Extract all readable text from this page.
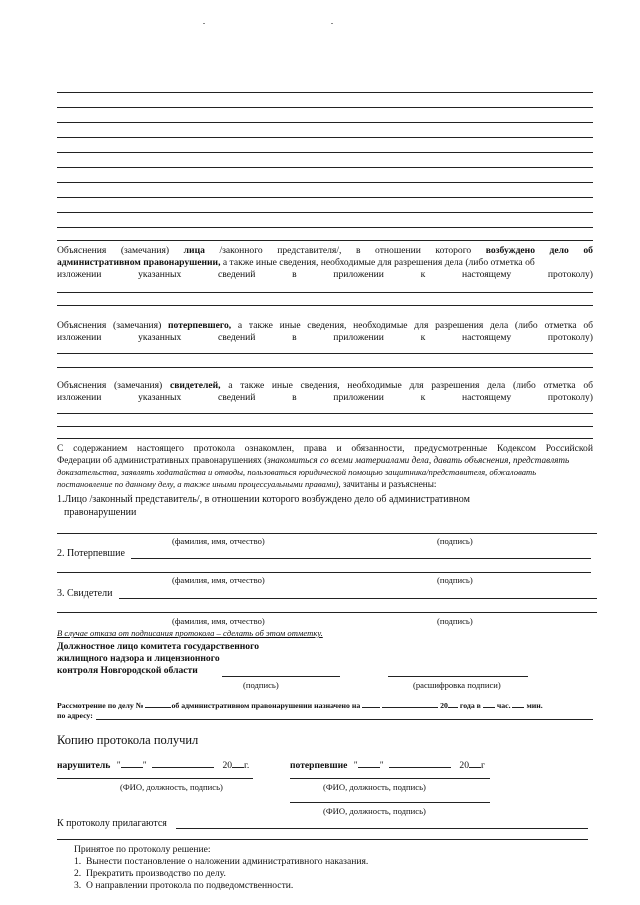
Объяснения (замечания) лица /законного представителя/, в отношении которого возбуждено дело об
административном правонарушении, а также иные сведения, необходимые для разрешения дела (либо отметка об
изложении указанных сведений в приложении к настоящему протоколу)
Объяснения (замечания) потерпевшего, а также иные сведения, необходимые для разрешения дела (либо отметка об
изложении указанных сведений в приложении к настоящему протоколу)
Объяснения (замечания) свидетелей, а также иные сведения, необходимые для разрешения дела (либо отметка об
изложении указанных сведений в приложении к настоящему протоколу)
С содержанием настоящего протокола ознакомлен, права и обязанности, предусмотренные Кодексом Российской
Федерации об административных правонарушениях (знакомиться со всеми материалами дела, давать объяснения, представлять
доказательства, заявлять ходатайства и отводы, пользоваться юридической помощью защитника/представителя, обжаловать
постановление по данному делу, а также иными процессуальными правами), зачитаны и разъяснены:
1.Лицо /законный представитель/, в отношении которого возбуждено дело об административном
правонарушении
(фамилия, имя, отчество)	(подпись)
2. Потерпевшие
(фамилия, имя, отчество)	(подпись)
3. Свидетели
(фамилия, имя, отчество)	(подпись)
В случае отказа от подписания протокола – сделать об этом отметку.
Должностное лицо комитета государственного
жилищного надзора и лицензионного
контроля Новгородской области
(подпись)	(расшифровка подписи)
Рассмотрение по делу №	об административном правонарушении назначено на	20 года в час. мин.
по адресу:
Копию протокола получил
нарушитель " "	20 г.
(ФИО, должность, подпись)
потерпевшие " "	20 г
(ФИО, должность, подпись)
(ФИО, должность, подпись)
К протоколу прилагаются
Принятое по протоколу решение:
1. Вынести постановление о наложении административного наказания.
2. Прекратить производство по делу.
3. О направлении протокола по подведомственности.
